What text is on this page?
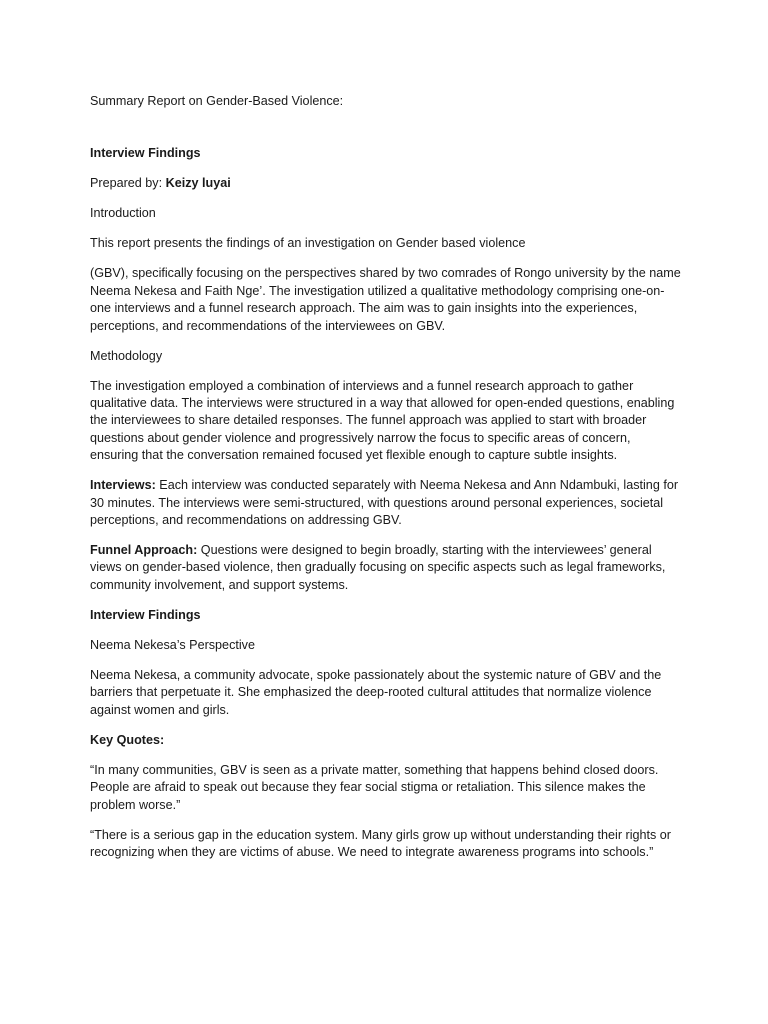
Summary Report on Gender-Based Violence:

Interview Findings

Prepared by: Keizy luyai

Introduction

This report presents the findings of an investigation on Gender based violence

(GBV), specifically focusing on the perspectives shared by two comrades of Rongo university by the name Neema Nekesa and Faith Nge’. The investigation utilized a qualitative methodology comprising one-on-one interviews and a funnel research approach. The aim was to gain insights into the experiences, perceptions, and recommendations of the interviewees on GBV.

Methodology

The investigation employed a combination of interviews and a funnel research approach to gather qualitative data. The interviews were structured in a way that allowed for open-ended questions, enabling the interviewees to share detailed responses. The funnel approach was applied to start with broader questions about gender violence and progressively narrow the focus to specific areas of concern, ensuring that the conversation remained focused yet flexible enough to capture subtle insights.

Interviews: Each interview was conducted separately with Neema Nekesa and Ann Ndambuki, lasting for 30 minutes. The interviews were semi-structured, with questions around personal experiences, societal perceptions, and recommendations on addressing GBV.

Funnel Approach: Questions were designed to begin broadly, starting with the interviewees’ general views on gender-based violence, then gradually focusing on specific aspects such as legal frameworks, community involvement, and support systems.

Interview Findings

Neema Nekesa’s Perspective

Neema Nekesa, a community advocate, spoke passionately about the systemic nature of GBV and the barriers that perpetuate it. She emphasized the deep-rooted cultural attitudes that normalize violence against women and girls.

Key Quotes:

“In many communities, GBV is seen as a private matter, something that happens behind closed doors. People are afraid to speak out because they fear social stigma or retaliation. This silence makes the problem worse.”

“There is a serious gap in the education system. Many girls grow up without understanding their rights or recognizing when they are victims of abuse. We need to integrate awareness programs into schools.”
